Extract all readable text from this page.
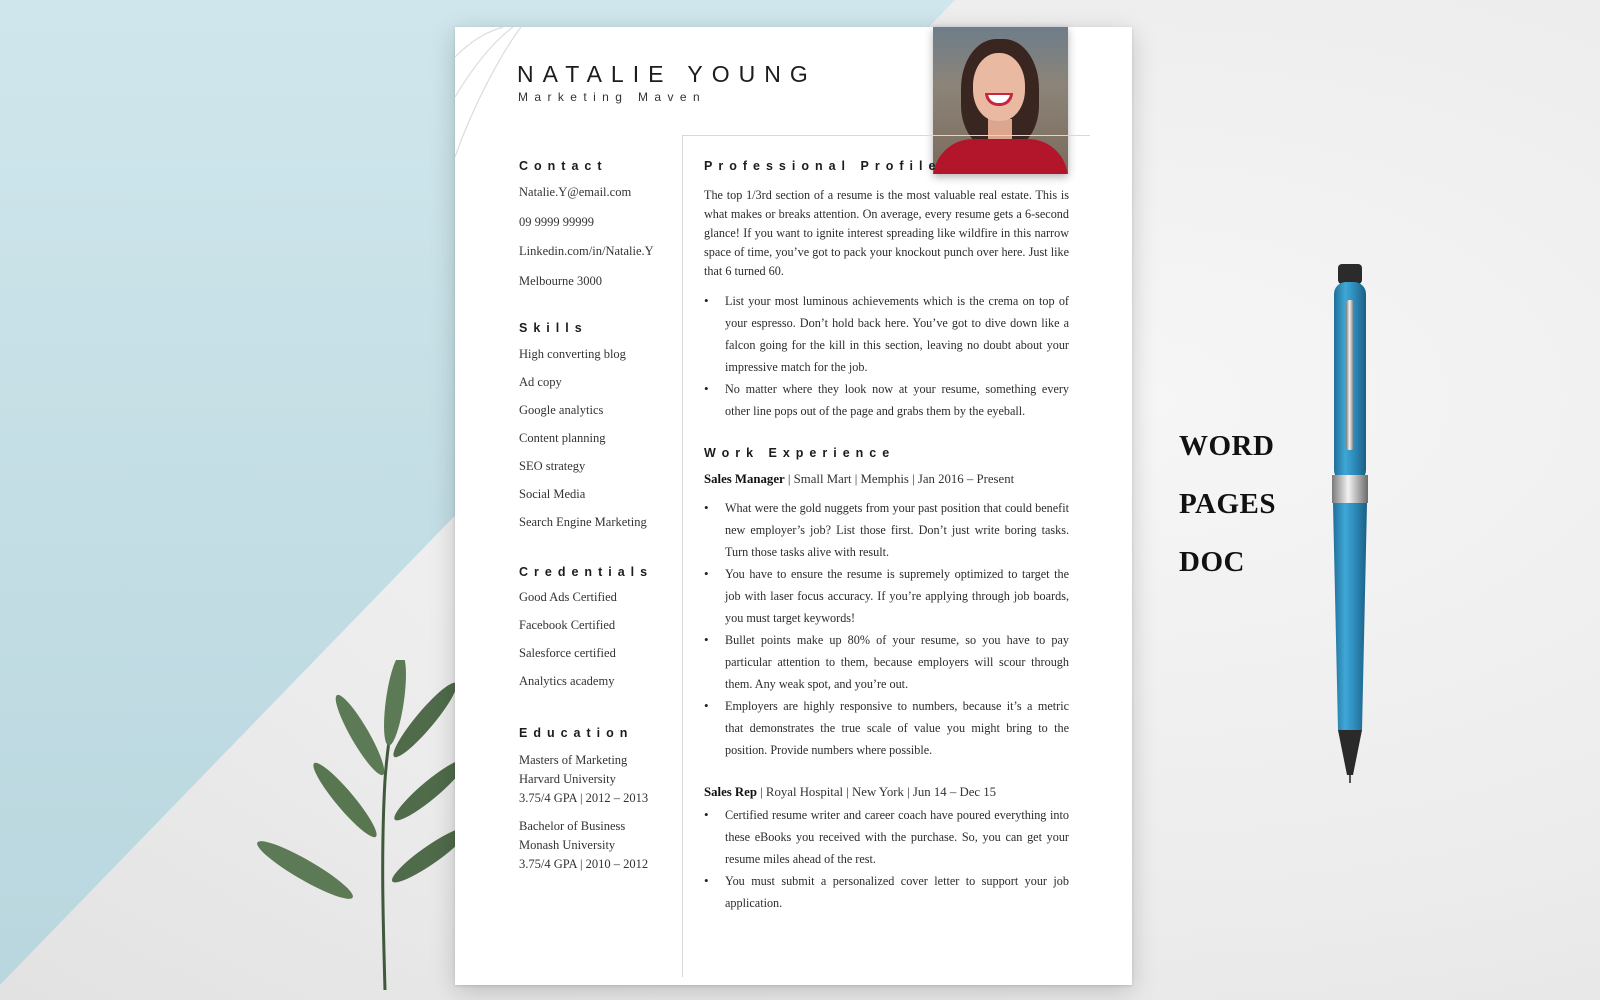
NATALIE YOUNG
Marketing Maven
Contact
Natalie.Y@email.com
09 9999 99999
Linkedin.com/in/Natalie.Y
Melbourne 3000
Skills
High converting blog
Ad copy
Google analytics
Content planning
SEO strategy
Social Media
Search Engine Marketing
Credentials
Good Ads Certified
Facebook Certified
Salesforce certified
Analytics academy
Education
Masters of Marketing
Harvard University
3.75/4 GPA | 2012 – 2013
Bachelor of Business
Monash University
3.75/4 GPA | 2010 – 2012
Professional Profile

The top 1/3rd section of a resume is the most valuable real estate. This is what makes or breaks attention. On average, every resume gets a 6-second glance! If you want to ignite interest spreading like wildfire in this narrow space of time, you’ve got to pack your knockout punch over here. Just like that 6 turned 60.

• List your most luminous achievements which is the crema on top of your espresso. Don’t hold back here. You’ve got to dive down like a falcon going for the kill in this section, leaving no doubt about your impressive match for the job.
• No matter where they look now at your resume, something every other line pops out of the page and grabs them by the eyeball.
Work Experience
Sales Manager | Small Mart | Memphis | Jan 2016 – Present
• What were the gold nuggets from your past position that could benefit new employer’s job? List those first. Don’t just write boring tasks. Turn those tasks alive with result.
• You have to ensure the resume is supremely optimized to target the job with laser focus accuracy. If you’re applying through job boards, you must target keywords!
• Bullet points make up 80% of your resume, so you have to pay particular attention to them, because employers will scour through them. Any weak spot, and you’re out.
• Employers are highly responsive to numbers, because it’s a metric that demonstrates the true scale of value you might bring to the position. Provide numbers where possible.
Sales Rep | Royal Hospital | New York | Jun 14 – Dec 15
• Certified resume writer and career coach have poured everything into these eBooks you received with the purchase. So, you can get your resume miles ahead of the rest.
• You must submit a personalized cover letter to support your job application.
WORD
PAGES
DOC
